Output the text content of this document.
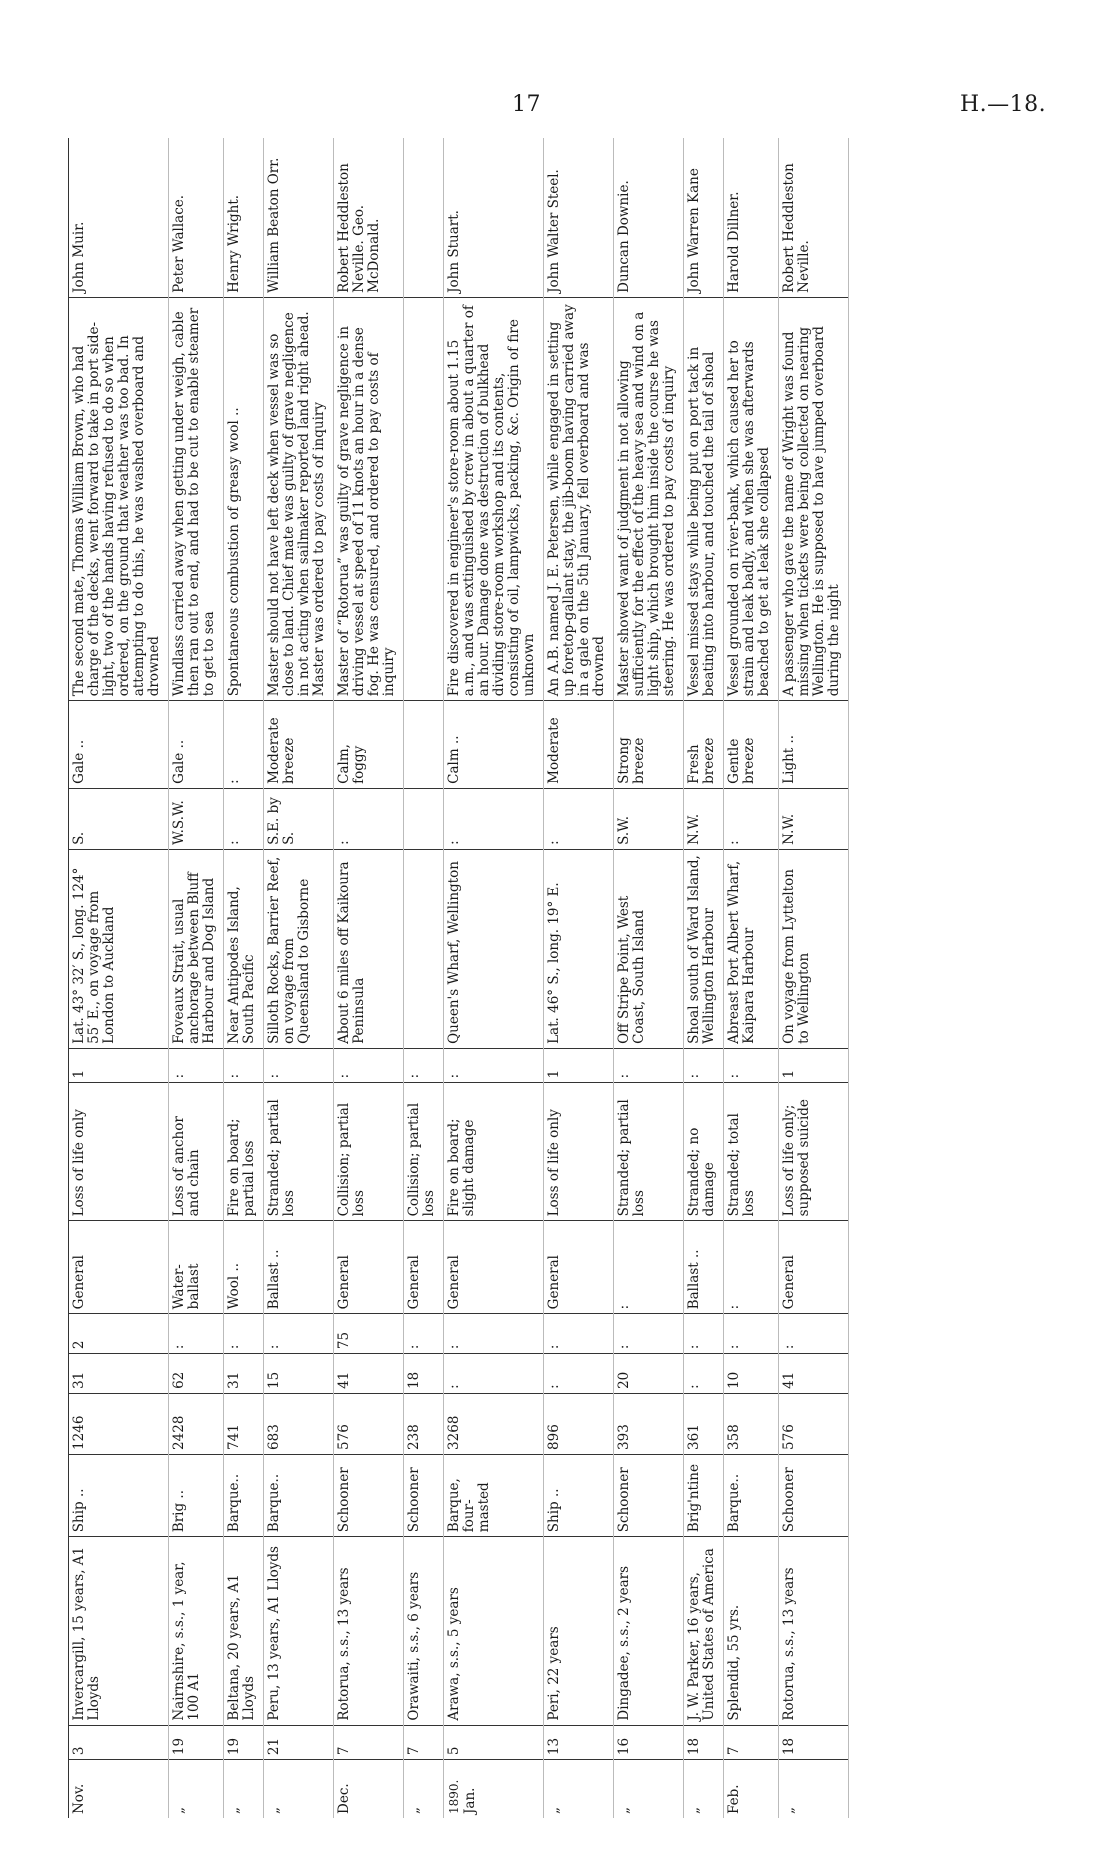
17	H.—18.
Nov.	3	Invercargill, 15 years, A1 Lloyds	Ship ..	1246	31	2	General	Loss of life only	1	Lat. 43° 32′ S., long. 124° 55′ E., on voyage from London to Auckland	S.	Gale ..	The second mate, Thomas William Brown, who had charge of the decks, went forward to take in port side-light, two of the hands having refused to do so when ordered, on the ground that weather was too bad. In attempting to do this, he was washed overboard and drowned	John Muir.
„	19	Nairnshire, s.s., 1 year, 100 A1	Brig ..	2428	62	:	Water-ballast	Loss of anchor and chain	:	Foveaux Strait, usual anchorage between Bluff Harbour and Dog Island	W.S.W.	Gale ..	Windlass carried away when getting under weigh, cable then ran out to end, and had to be cut to enable steamer to get to sea	Peter Wallace.
„	19	Beltana, 20 years, A1 Lloyds	Barque..	741	31	:	Wool ..	Fire on board; partial loss	:	Near Antipodes Island, South Pacific	:	:	Spontaneous combustion of greasy wool ..	Henry Wright.
„	21	Peru, 13 years, A1 Lloyds	Barque..	683	15	:	Ballast ..	Stranded; partial loss	:	Silloth Rocks, Barrier Reef, on voyage from Queensland to Gisborne	S.E. by S.	Moderate breeze	Master should not have left deck when vessel was so close to land. Chief mate was guilty of grave negligence in not acting when sailmaker reported land right ahead. Master was ordered to pay costs of inquiry	William Beaton Orr.
Dec.	7	Rotorua, s.s., 13 years	Schooner	576	41	75	General	Collision; partial loss	:	About 6 miles off Kaikoura Peninsula	:	Calm, foggy	Master of “Rotorua” was guilty of grave negligence in driving vessel at speed of 11 knots an hour in a dense fog. He was censured, and ordered to pay costs of inquiry	Robert Heddleston Neville. Geo. McDonald.
„	7	Orawaiti, s.s., 6 years	Schooner	238	18	:	General	Collision; partial loss	:					

1890. Jan.	5	Arawa, s.s., 5 years	Barque, four-masted	3268	:	:	General	Fire on board; slight damage	:	Queen's Wharf, Wellington	:	Calm ..	Fire discovered in engineer's store-room about 1.15 a.m., and was extinguished by crew in about a quarter of an hour. Damage done was destruction of bulkhead dividing store-room workshop and its contents, consisting of oil, lampwicks, packing, &c. Origin of fire unknown	John Stuart.
„	13	Peri, 22 years	Ship ..	896	:	:	General	Loss of life only	1	Lat. 46° S., long. 19° E.	:	Moderate	An A.B. named J. E. Petersen, while engaged in setting up foretop-gallant stay, the jib-boom having carried away in a gale on the 5th January, fell overboard and was drowned	John Walter Steel.
„	16	Dingadee, s.s., 2 years	Schooner	393	20	:	:	Stranded; partial loss	:	Off Stripe Point, West Coast, South Island	S.W.	Strong breeze	Master showed want of judgment in not allowing sufficiently for the effect of the heavy sea and wind on a light ship, which brought him inside the course he was steering. He was ordered to pay costs of inquiry	Duncan Downie.
„	18	J. W. Parker, 16 years, United States of America	Brig'ntine	361	:	:	Ballast ..	Stranded; no damage	:	Shoal south of Ward Island, Wellington Harbour	N.W.	Fresh breeze	Vessel missed stays while being put on port tack in beating into harbour, and touched the tail of shoal	John Warren Kane
Feb.	7	Splendid, 55 yrs.	Barque..	358	10	:	:	Stranded; total loss	:	Abreast Port Albert Wharf, Kaipara Harbour	:	Gentle breeze	Vessel grounded on river-bank, which caused her to strain and leak badly, and when she was afterwards beached to get at leak she collapsed	Harold Dillner.
„	18	Rotorua, s.s., 13 years	Schooner	576	41	:	General	Loss of life only; supposed suicide	1	On voyage from Lyttelton to Wellington	N.W.	Light ..	A passenger who gave the name of Wright was found missing when tickets were being collected on nearing Wellington. He is supposed to have jumped overboard during the night	Robert Heddleston Neville.
